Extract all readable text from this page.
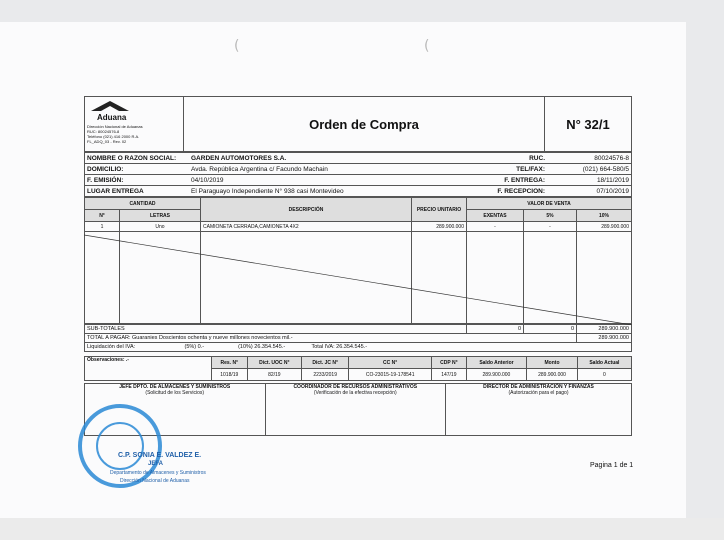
(	(
Aduana
Dirección Nacional de Aduanas
RUC: 80024576-8
Teléfono (021) 416 2000 R.A.
FL_ADQ_03 - Rev. 02
	Orden de Compra	N° 32/1
NOMBRE O RAZON SOCIAL:	GARDEN AUTOMOTORES S.A.	RUC.	80024576-8
DOMICILIO:	Avda. República Argentina c/ Facundo Machain	TEL/FAX:	(021) 664-580/5
F. EMISIÓN:	04/10/2019	F. ENTREGA:	18/11/2019
LUGAR ENTREGA	El Paraguayo Independiente N° 938 casi Montevideo	F. RECEPCION:	07/10/2019
CANTIDAD		DESCRIPCIÓN	PRECIO UNITARIO	VALOR DE VENTA		
N°	LETRAS			EXENTAS	5%	10%
1	Uno	CAMIONETA CERRADA,CAMIONETA 4X2	289.900.000	-	-	289.900.000

SUB-TOTALES	0	0	289.900.000
TOTAL A PAGAR: Guaranies Doscientos ochenta y nueve millones novecientos mil.-			289.900.000
Liquidación del IVA: (5%) 0.- (10%) 26.354.545.- Total IVA: 26.354.545.-			
Observaciones: .-	Res. N°	Dict. UOC N°	Dict. JC N°	CC N°	CDP N°	Saldo Anterior	Monto	Saldo Actual
	1018/19	82/19	2233/2019	CO-23015-19-178541	147/19	289.900.000	289.900.000	0
JEFE DPTO. DE ALMACENES Y SUMINISTROS
(Solicitud de los Servicios)

COORDINADOR DE RECURSOS ADMINISTRATIVOS
(Verificación de la efectiva recepción)

DIRECTOR DE ADMINISTRACIÓN Y FINANZAS
(Autorización para el pago)
C.P. SONIA E. VALDEZ E.
JEFA
Departamento de Almacenes y Suministros
Dirección Nacional de Aduanas
Pagina 1 de 1
